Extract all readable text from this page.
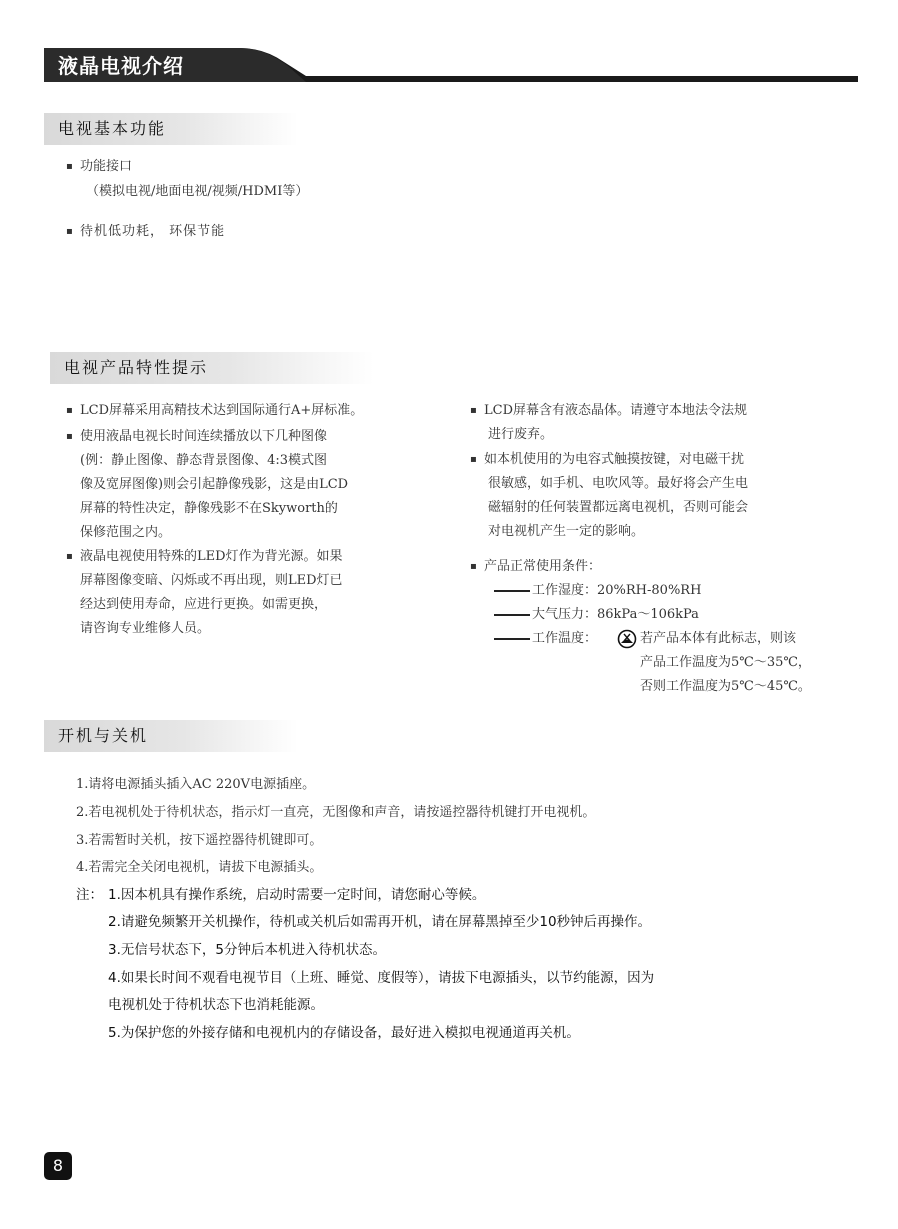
液晶电视介绍
电视基本功能
▪ 功能接口
（模拟电视/地面电视/视频/HDMI等）
▪ 待机低功耗， 环保节能
电视产品特性提示
▪ LCD屏幕采用高精技术达到国际通行A+屏标准。
▪ 使用液晶电视长时间连续播放以下几种图像
(例：静止图像、静态背景图像、4:3模式图
像及宽屏图像)则会引起静像残影，这是由LCD
屏幕的特性决定，静像残影不在Skyworth的
保修范围之内。
▪ 液晶电视使用特殊的LED灯作为背光源。如果
屏幕图像变暗、闪烁或不再出现，则LED灯已
经达到使用寿命，应进行更换。如需更换，
请咨询专业维修人员。
▪ LCD屏幕含有液态晶体。请遵守本地法令法规
进行废弃。
▪ 如本机使用的为电容式触摸按键，对电磁干扰
很敏感，如手机、电吹风等。最好将会产生电
磁辐射的任何装置都远离电视机，否则可能会
对电视机产生一定的影响。
▪ 产品正常使用条件：
工作湿度：20%RH-80%RH
大气压力：86kPa～106kPa
工作温度：	若产品本体有此标志，则该
产品工作温度为5℃～35℃，
否则工作温度为5℃～45℃。
开机与关机
1.请将电源插头插入AC 220V电源插座。
2.若电视机处于待机状态，指示灯一直亮，无图像和声音，请按遥控器待机键打开电视机。
3.若需暂时关机，按下遥控器待机键即可。
4.若需完全关闭电视机，请拔下电源插头。
注： 1.因本机具有操作系统，启动时需要一定时间，请您耐心等候。
2.请避免频繁开关机操作，待机或关机后如需再开机，请在屏幕黑掉至少10秒钟后再操作。
3.无信号状态下，5分钟后本机进入待机状态。
4.如果长时间不观看电视节目（上班、睡觉、度假等），请拔下电源插头，以节约能源，因为
电视机处于待机状态下也消耗能源。
5.为保护您的外接存储和电视机内的存储设备，最好进入模拟电视通道再关机。
8
